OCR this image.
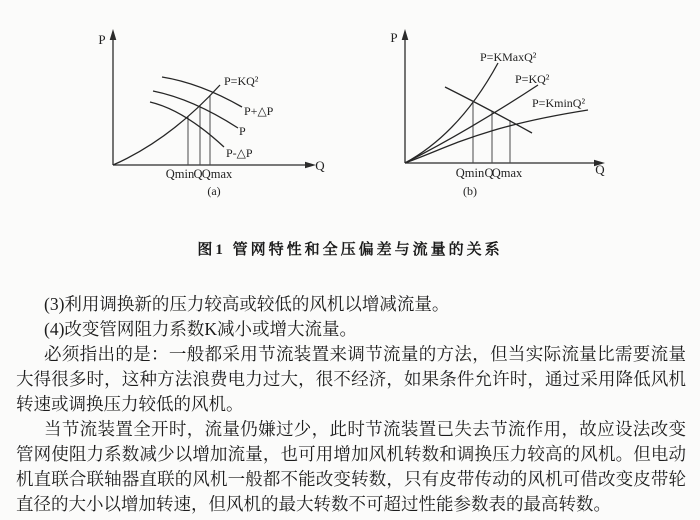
P
Q
P=KQ²
P+△P
P
P-△P
Qmin Q Qmax
(a)
P
Q
P=KMaxQ²
P=KQ²
P=KminQ²
Qmin Q
Qmax
(b)
图1 管网特性和全压偏差与流量的关系

(3)利用调换新的压力较高或较低的风机以增减流量。

(4)改变管网阻力系数K减小或增大流量。

必须指出的是：一般都采用节流装置来调节流量的方法，但当实际流量比需要流量大得很多时，这种方法浪费电力过大，很不经济，如果条件允许时，通过采用降低风机转速或调换压力较低的风机。

当节流装置全开时，流量仍嫌过少，此时节流装置已失去节流作用，故应设法改变管网使阻力系数减少以增加流量，也可用增加风机转数和调换压力较高的风机。但电动机直联合联轴器直联的风机一般都不能改变转数，只有皮带传动的风机可借改变皮带轮直径的大小以增加转速，但风机的最大转数不可超过性能参数表的最高转数。
